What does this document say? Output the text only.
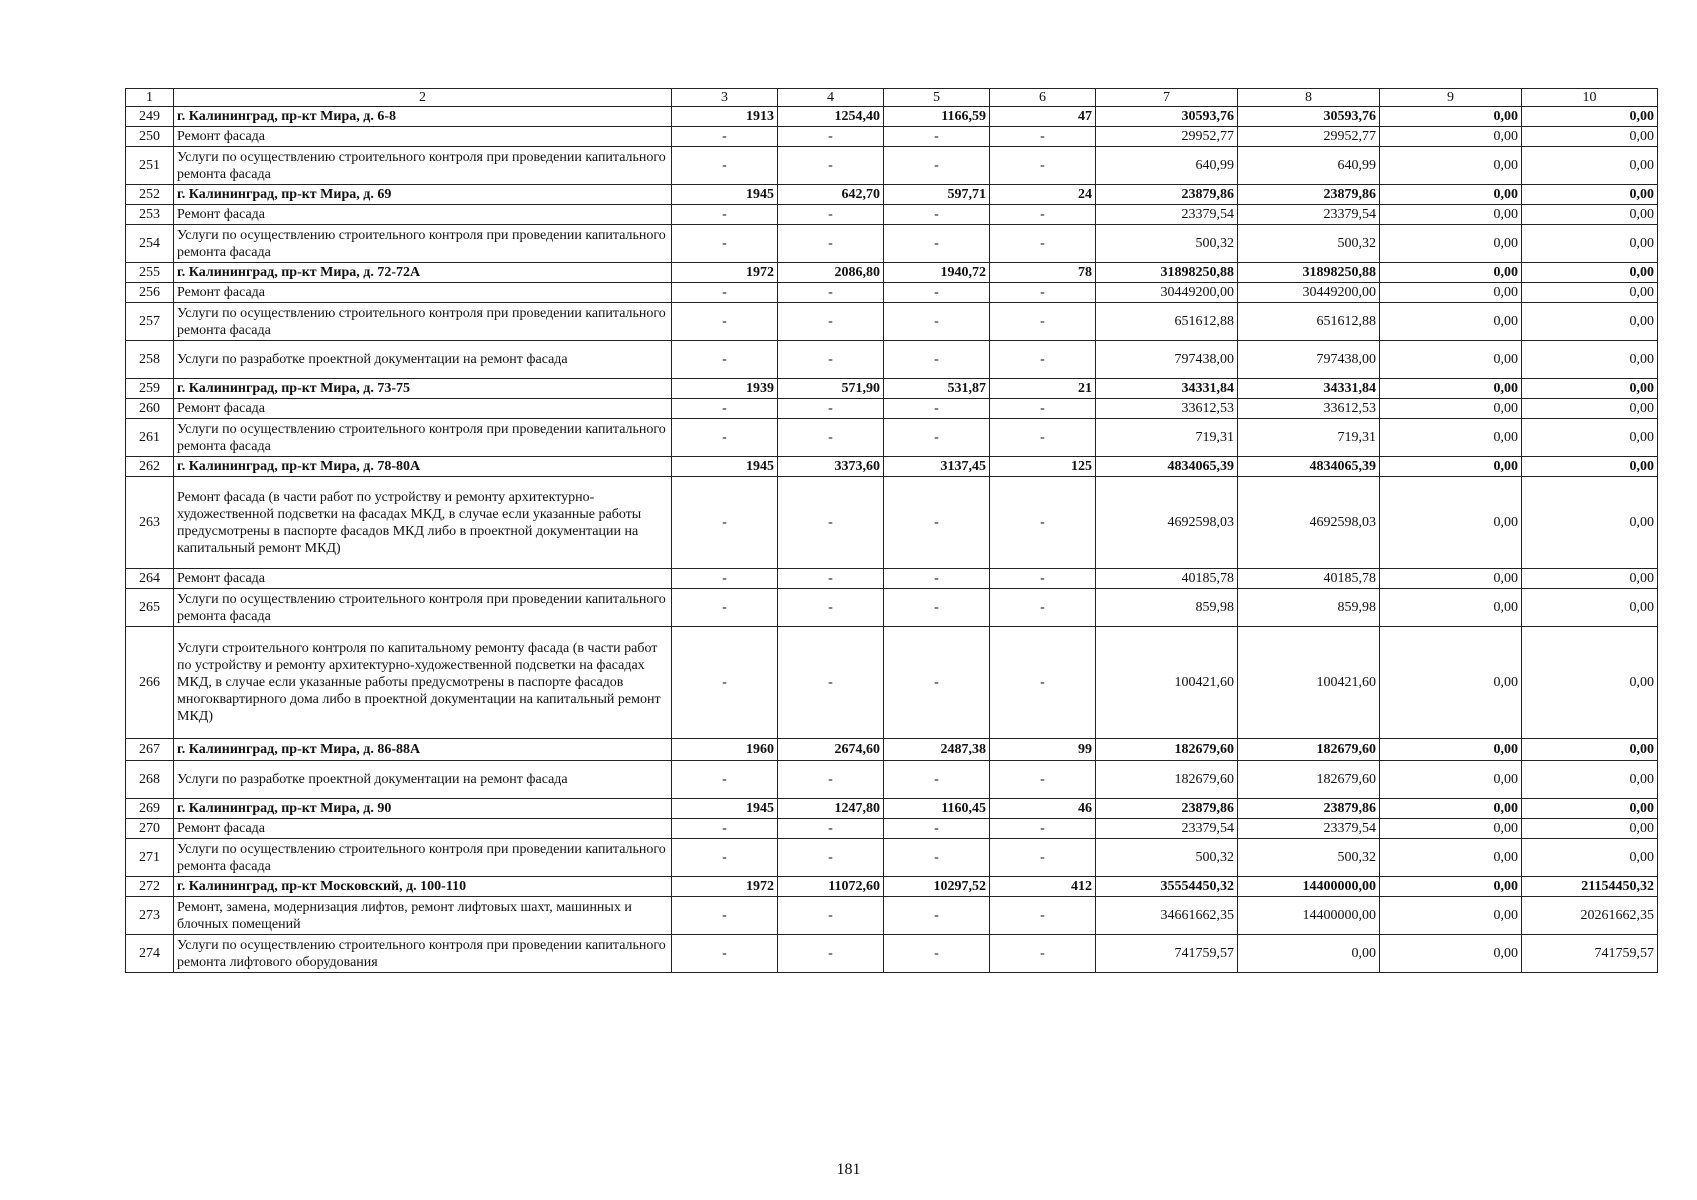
1	2	3	4	5	6	7	8	9	10
249	г. Калининград, пр-кт Мира, д. 6-8	1913	1254,40	1166,59	47	30593,76	30593,76	0,00	0,00
250	Ремонт фасада	-	-	-	-	29952,77	29952,77	0,00	0,00
251	Услуги по осуществлению строительного контроля при проведении капитального ремонта фасада	-	-	-	-	640,99	640,99	0,00	0,00
252	г. Калининград, пр-кт Мира, д. 69	1945	642,70	597,71	24	23879,86	23879,86	0,00	0,00
253	Ремонт фасада	-	-	-	-	23379,54	23379,54	0,00	0,00
254	Услуги по осуществлению строительного контроля при проведении капитального ремонта фасада	-	-	-	-	500,32	500,32	0,00	0,00
255	г. Калининград, пр-кт Мира, д. 72-72А	1972	2086,80	1940,72	78	31898250,88	31898250,88	0,00	0,00
256	Ремонт фасада	-	-	-	-	30449200,00	30449200,00	0,00	0,00
257	Услуги по осуществлению строительного контроля при проведении капитального ремонта фасада	-	-	-	-	651612,88	651612,88	0,00	0,00
258	Услуги по разработке проектной документации на ремонт фасада	-	-	-	-	797438,00	797438,00	0,00	0,00
259	г. Калининград, пр-кт Мира, д. 73-75	1939	571,90	531,87	21	34331,84	34331,84	0,00	0,00
260	Ремонт фасада	-	-	-	-	33612,53	33612,53	0,00	0,00
261	Услуги по осуществлению строительного контроля при проведении капитального ремонта фасада	-	-	-	-	719,31	719,31	0,00	0,00
262	г. Калининград, пр-кт Мира, д. 78-80А	1945	3373,60	3137,45	125	4834065,39	4834065,39	0,00	0,00
263	Ремонт фасада (в части работ по устройству и ремонту архитектурно-художественной подсветки на фасадах МКД, в случае если указанные работы предусмотрены в паспорте фасадов МКД либо в проектной документации на капитальный ремонт МКД)	-	-	-	-	4692598,03	4692598,03	0,00	0,00
264	Ремонт фасада	-	-	-	-	40185,78	40185,78	0,00	0,00
265	Услуги по осуществлению строительного контроля при проведении капитального ремонта фасада	-	-	-	-	859,98	859,98	0,00	0,00
266	Услуги строительного контроля по капитальному ремонту фасада (в части работ по устройству и ремонту архитектурно-художественной подсветки на фасадах МКД, в случае если указанные работы предусмотрены в паспорте фасадов многоквартирного дома либо в проектной документации на капитальный ремонт МКД)	-	-	-	-	100421,60	100421,60	0,00	0,00
267	г. Калининград, пр-кт Мира, д. 86-88А	1960	2674,60	2487,38	99	182679,60	182679,60	0,00	0,00
268	Услуги по разработке проектной документации на ремонт фасада	-	-	-	-	182679,60	182679,60	0,00	0,00
269	г. Калининград, пр-кт Мира, д. 90	1945	1247,80	1160,45	46	23879,86	23879,86	0,00	0,00
270	Ремонт фасада	-	-	-	-	23379,54	23379,54	0,00	0,00
271	Услуги по осуществлению строительного контроля при проведении капитального ремонта фасада	-	-	-	-	500,32	500,32	0,00	0,00
272	г. Калининград, пр-кт Московский, д. 100-110	1972	11072,60	10297,52	412	35554450,32	14400000,00	0,00	21154450,32
273	Ремонт, замена, модернизация лифтов, ремонт лифтовых шахт, машинных и блочных помещений	-	-	-	-	34661662,35	14400000,00	0,00	20261662,35
274	Услуги по осуществлению строительного контроля при проведении капитального ремонта лифтового оборудования	-	-	-	-	741759,57	0,00	0,00	741759,57
181
